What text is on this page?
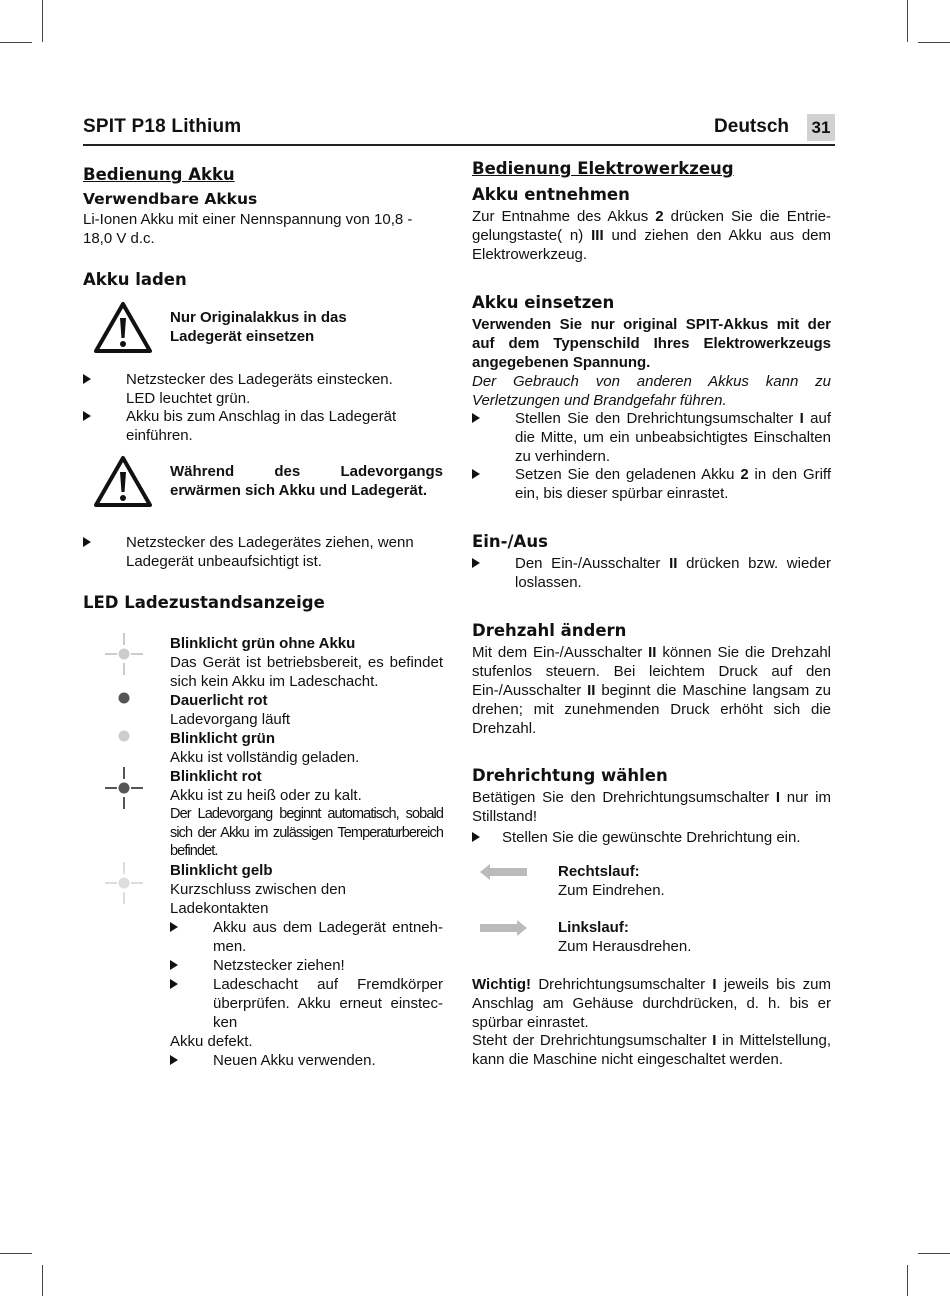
SPIT P18 Lithium	Deutsch 31
Bedienung Akku
Verwendbare Akkus
Li-Ionen Akku mit einer Nennspannung von 10,8 - 18,0 V d.c.
Akku laden
Nur Originalakkus in das Ladegerät einsetzen
Netzstecker des Ladegeräts einstecken. LED leuchtet grün.
Akku bis zum Anschlag in das Ladegerät einführen.
Während des Ladevorgangs erwärmen sich Akku und Ladegerät.
Netzstecker des Ladegerätes ziehen, wenn Ladegerät unbeaufsichtigt ist.
LED Ladezustandsanzeige
Blinklicht grün ohne Akku
Das Gerät ist betriebsbereit, es befindet sich kein Akku im Ladeschacht.
Dauerlicht rot
Ladevorgang läuft
Blinklicht grün
Akku ist vollständig geladen.
Blinklicht rot
Akku ist zu heiß oder zu kalt.
Der Ladevorgang beginnt automatisch, sobald sich der Akku im zulässigen Temperaturbereich befindet.
Blinklicht gelb
Kurzschluss zwischen den Ladekontakten
Akku aus dem Ladegerät entneh- men.
Netzstecker ziehen!
Ladeschacht auf Fremdkörper überprüfen. Akku erneut einstec- ken
Akku defekt.
Neuen Akku verwenden.
Bedienung Elektrowerkzeug
Akku entnehmen
Zur Entnahme des Akkus 2 drücken Sie die Entrie- gelungstaste( n) III und ziehen den Akku aus dem Elektrowerkzeug.
Akku einsetzen
Verwenden Sie nur original SPIT-Akkus mit der auf dem Typenschild Ihres Elektrowerkzeugs angegebenen Spannung.
Der Gebrauch von anderen Akkus kann zu Verletzungen und Brandgefahr führen.
Stellen Sie den Drehrichtungsumschalter I auf die Mitte, um ein unbeabsichtigtes Einschalten zu verhindern.
Setzen Sie den geladenen Akku 2 in den Griff ein, bis dieser spürbar einrastet.
Ein-/Aus
Den Ein-/Ausschalter II drücken bzw. wieder loslassen.
Drehzahl ändern
Mit dem Ein-/Ausschalter II können Sie die Drehzahl stufenlos steuern. Bei leichtem Druck auf den Ein-/Ausschalter II beginnt die Maschine langsam zu drehen; mit zunehmenden Druck erhöht sich die Drehzahl.
Drehrichtung wählen
Betätigen Sie den Drehrichtungsumschalter I nur im Stillstand!
Stellen Sie die gewünschte Drehrichtung ein.
Rechtslauf:
Zum Eindrehen.
Linkslauf:
Zum Herausdrehen.
Wichtig! Drehrichtungsumschalter I jeweils bis zum Anschlag am Gehäuse durchdrücken, d. h. bis er spürbar einrastet.
Steht der Drehrichtungsumschalter I in Mittelstellung, kann die Maschine nicht eingeschaltet werden.
